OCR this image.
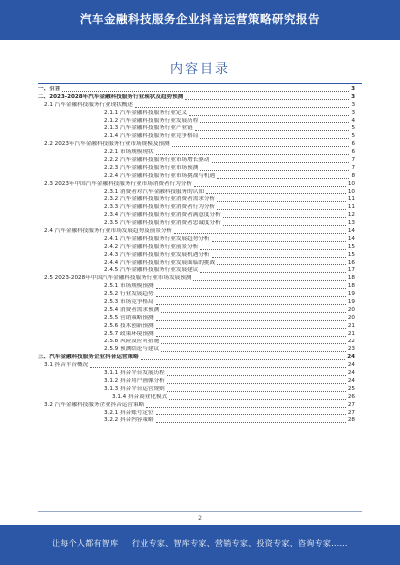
汽车金融科技服务企业抖音运营策略研究报告
内容目录
一、引言	3
二、2023-2028年汽车金融科技服务行业现状及趋势预测	3
2.1 汽车金融科技服务行业现状概述	3
2.1.1 汽车金融科技服务行业定义	3
2.1.2 汽车金融科技服务行业发展历程	4
2.1.3 汽车金融科技服务行业产业链	5
2.1.4 汽车金融科技服务行业竞争格局	5
2.2 2023年汽车金融科技服务行业市场规模及预测	6
2.2.1 市场规模现状	6
2.2.2 汽车金融科技服务行业市场增长驱动	7
2.2.3 汽车金融科技服务行业市场预测	7
2.2.4 汽车金融科技服务行业市场挑战与机遇	8
2.3 2023年中国汽车金融科技服务行业市场消费者行为分析	10
2.3.1 消费者对汽车金融科技服务的认知	10
2.3.2 汽车金融科技服务行业消费者需求分析	11
2.3.3 汽车金融科技服务行业消费者行为分析	11
2.3.4 汽车金融科技服务行业消费者满意度分析	12
2.3.5 汽车金融科技服务行业消费者忠诚度分析	13
2.4 汽车金融科技服务行业市场发展趋势及前景分析	14
2.4.1 汽车金融科技服务行业发展趋势分析	14
2.4.2 汽车金融科技服务行业前景分析	15
2.4.3 汽车金融科技服务行业发展机遇分析	15
2.4.4 汽车金融科技服务行业发展面临的挑战	16
2.4.5 汽车金融科技服务行业发展建议	17
2.5 2023-2028年中国汽车金融科技服务行业市场发展预测	18
2.5.1 市场规模预测	18
2.5.2 行业发展趋势	19
2.5.3 市场竞争格局	19
2.5.4 消费者需求预测	20
2.5.5 营销策略预测	20
2.5.6 技术创新预测	21
2.5.7 政策环境预测	21
2.5.8 风险及应对措施	22
2.5.9 预测结论与建议	23
三、汽车金融科技服务企业抖音运营策略	24
3.1 抖音平台概况	24
3.1.1 抖音平台发展历程	24
3.1.2 抖音用户画像分析	24
3.1.3 抖音平台运营规则	25
3.1.4 抖音商业化模式	26
3.2 汽车金融科技服务企业抖音运营策略	27
3.2.1 抖音账号定位	27
3.2.2 抖音内容策略	28
2
让每个人都有智库 行业专家、智库专家、营销专家、投资专家、咨询专家……
